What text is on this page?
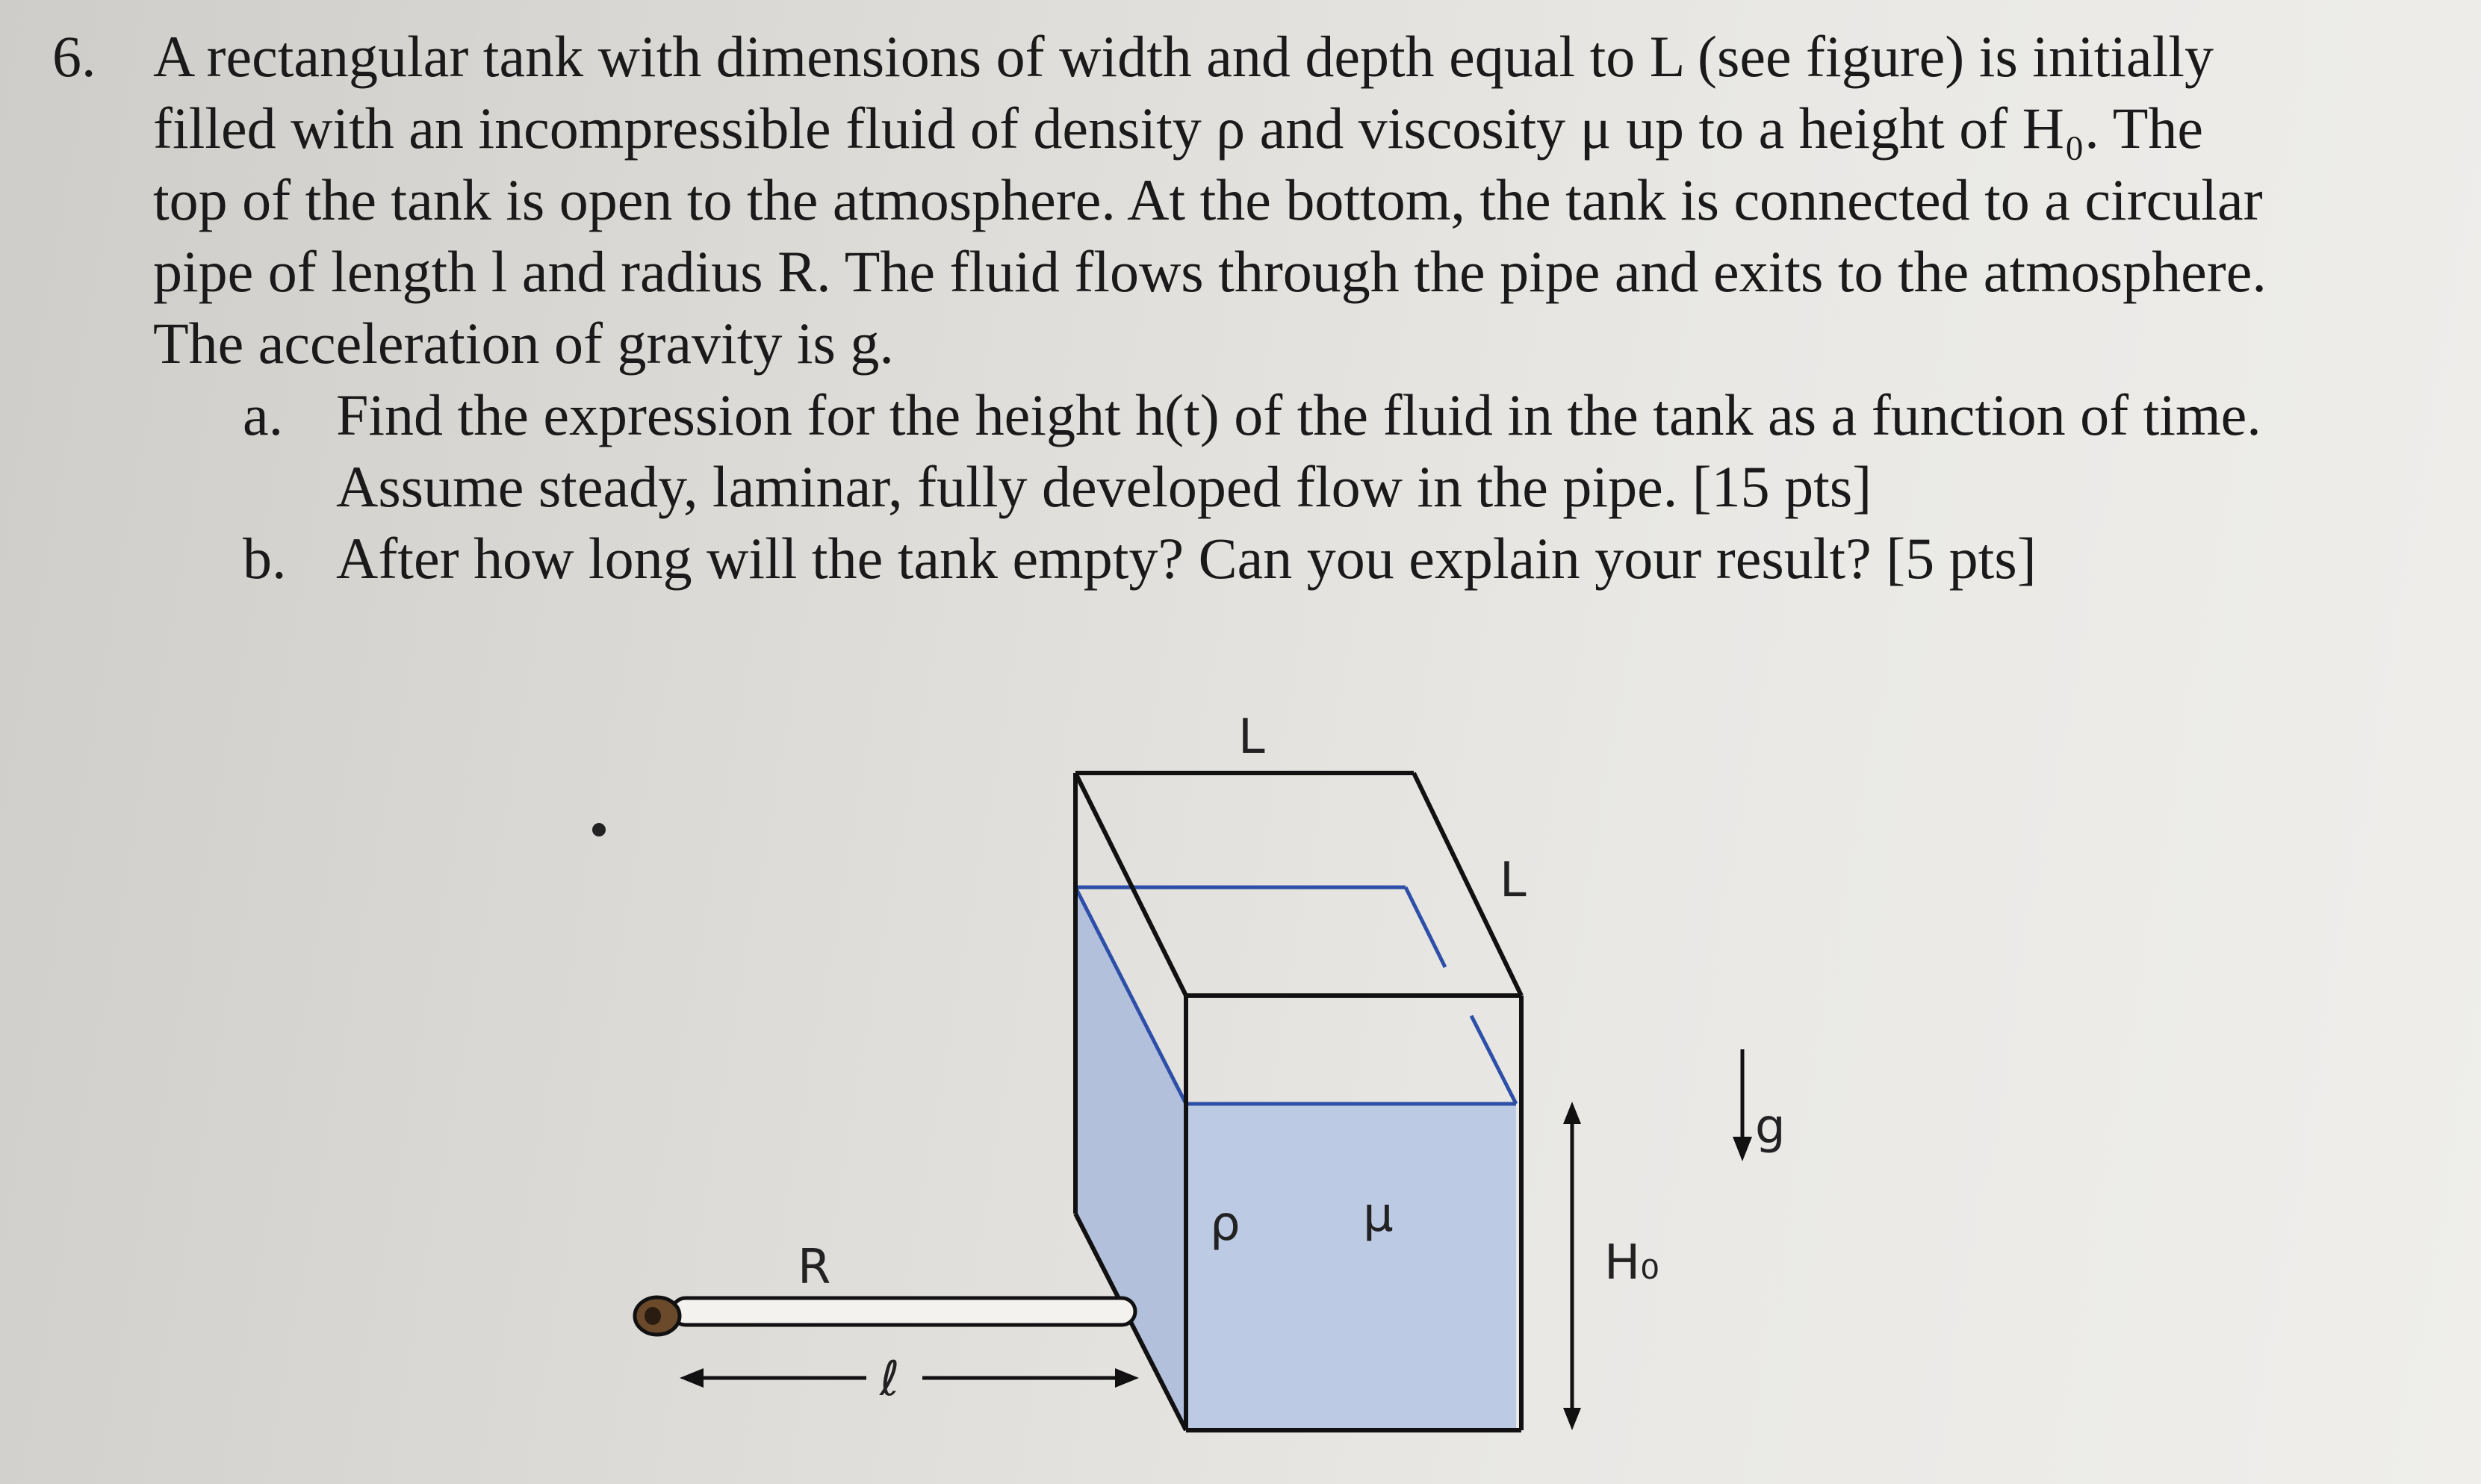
6. A rectangular tank with dimensions of width and depth equal to L (see figure) is initially

filled with an incompressible fluid of density ρ and viscosity μ up to a height of H₀. The

top of the tank is open to the atmosphere. At the bottom, the tank is connected to a circular

pipe of length l and radius R. The fluid flows through the pipe and exits to the atmosphere.

The acceleration of gravity is g.

a. Find the expression for the height h(t) of the fluid in the tank as a function of time.
Assume steady, laminar, fully developed flow in the pipe. [15 pts]
b. After how long will the tank empty? Can you explain your result? [5 pts]
L
L
ρ	μ
H₀
g
R
ℓ
